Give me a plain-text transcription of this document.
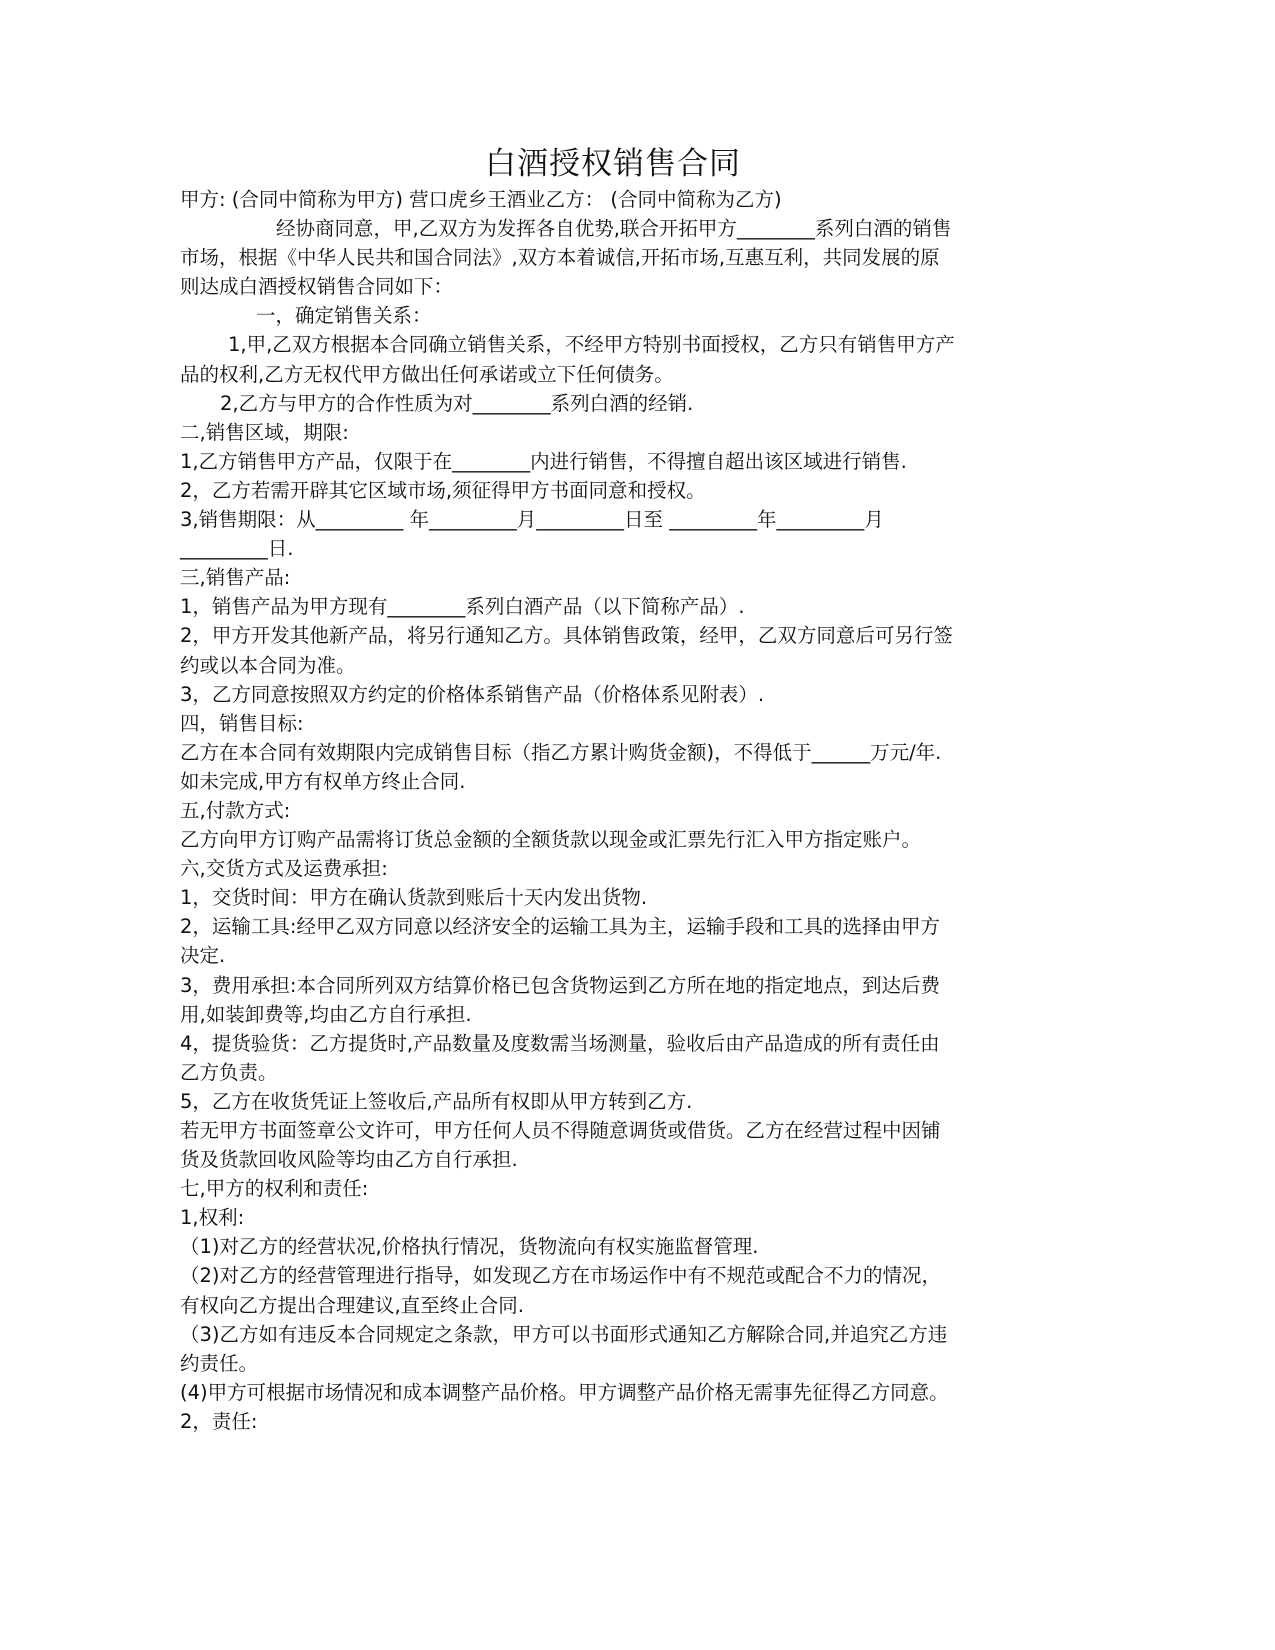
白酒授权销售合同
甲方: (合同中简称为甲方) 营口虎乡王酒业乙方： (合同中简称为乙方)
经协商同意，甲,乙双方为发挥各自优势,联合开拓甲方________系列白酒的销售
市场，根据《中华人民共和国合同法》,双方本着诚信,开拓市场,互惠互利，共同发展的原
则达成白酒授权销售合同如下：
一，确定销售关系：
1,甲,乙双方根据本合同确立销售关系，不经甲方特别书面授权，乙方只有销售甲方产
品的权利,乙方无权代甲方做出任何承诺或立下任何债务。
2,乙方与甲方的合作性质为对________系列白酒的经销.
二,销售区域，期限:
1,乙方销售甲方产品，仅限于在________内进行销售，不得擅自超出该区域进行销售.
2，乙方若需开辟其它区域市场,须征得甲方书面同意和授权。
3,销售期限：从_________ 年_________月_________日至 _________年_________月
_________日.
三,销售产品:
1，销售产品为甲方现有________系列白酒产品（以下简称产品）.
2，甲方开发其他新产品，将另行通知乙方。具体销售政策，经甲，乙双方同意后可另行签
约或以本合同为准。
3，乙方同意按照双方约定的价格体系销售产品（价格体系见附表）.
四，销售目标:
乙方在本合同有效期限内完成销售目标（指乙方累计购货金额)，不得低于______万元/年.
如未完成,甲方有权单方终止合同.
五,付款方式:
乙方向甲方订购产品需将订货总金额的全额货款以现金或汇票先行汇入甲方指定账户。
六,交货方式及运费承担:
1，交货时间：甲方在确认货款到账后十天内发出货物.
2，运输工具:经甲乙双方同意以经济安全的运输工具为主，运输手段和工具的选择由甲方
决定.
3，费用承担:本合同所列双方结算价格已包含货物运到乙方所在地的指定地点，到达后费
用,如装卸费等,均由乙方自行承担.
4，提货验货：乙方提货时,产品数量及度数需当场测量，验收后由产品造成的所有责任由
乙方负责。
5，乙方在收货凭证上签收后,产品所有权即从甲方转到乙方.
若无甲方书面签章公文许可，甲方任何人员不得随意调货或借货。乙方在经营过程中因铺
货及货款回收风险等均由乙方自行承担.
七,甲方的权利和责任:
1,权利:
（1)对乙方的经营状况,价格执行情况，货物流向有权实施监督管理.
（2)对乙方的经营管理进行指导，如发现乙方在市场运作中有不规范或配合不力的情况，
有权向乙方提出合理建议,直至终止合同.
（3)乙方如有违反本合同规定之条款，甲方可以书面形式通知乙方解除合同,并追究乙方违
约责任。
(4)甲方可根据市场情况和成本调整产品价格。甲方调整产品价格无需事先征得乙方同意。
2，责任:
